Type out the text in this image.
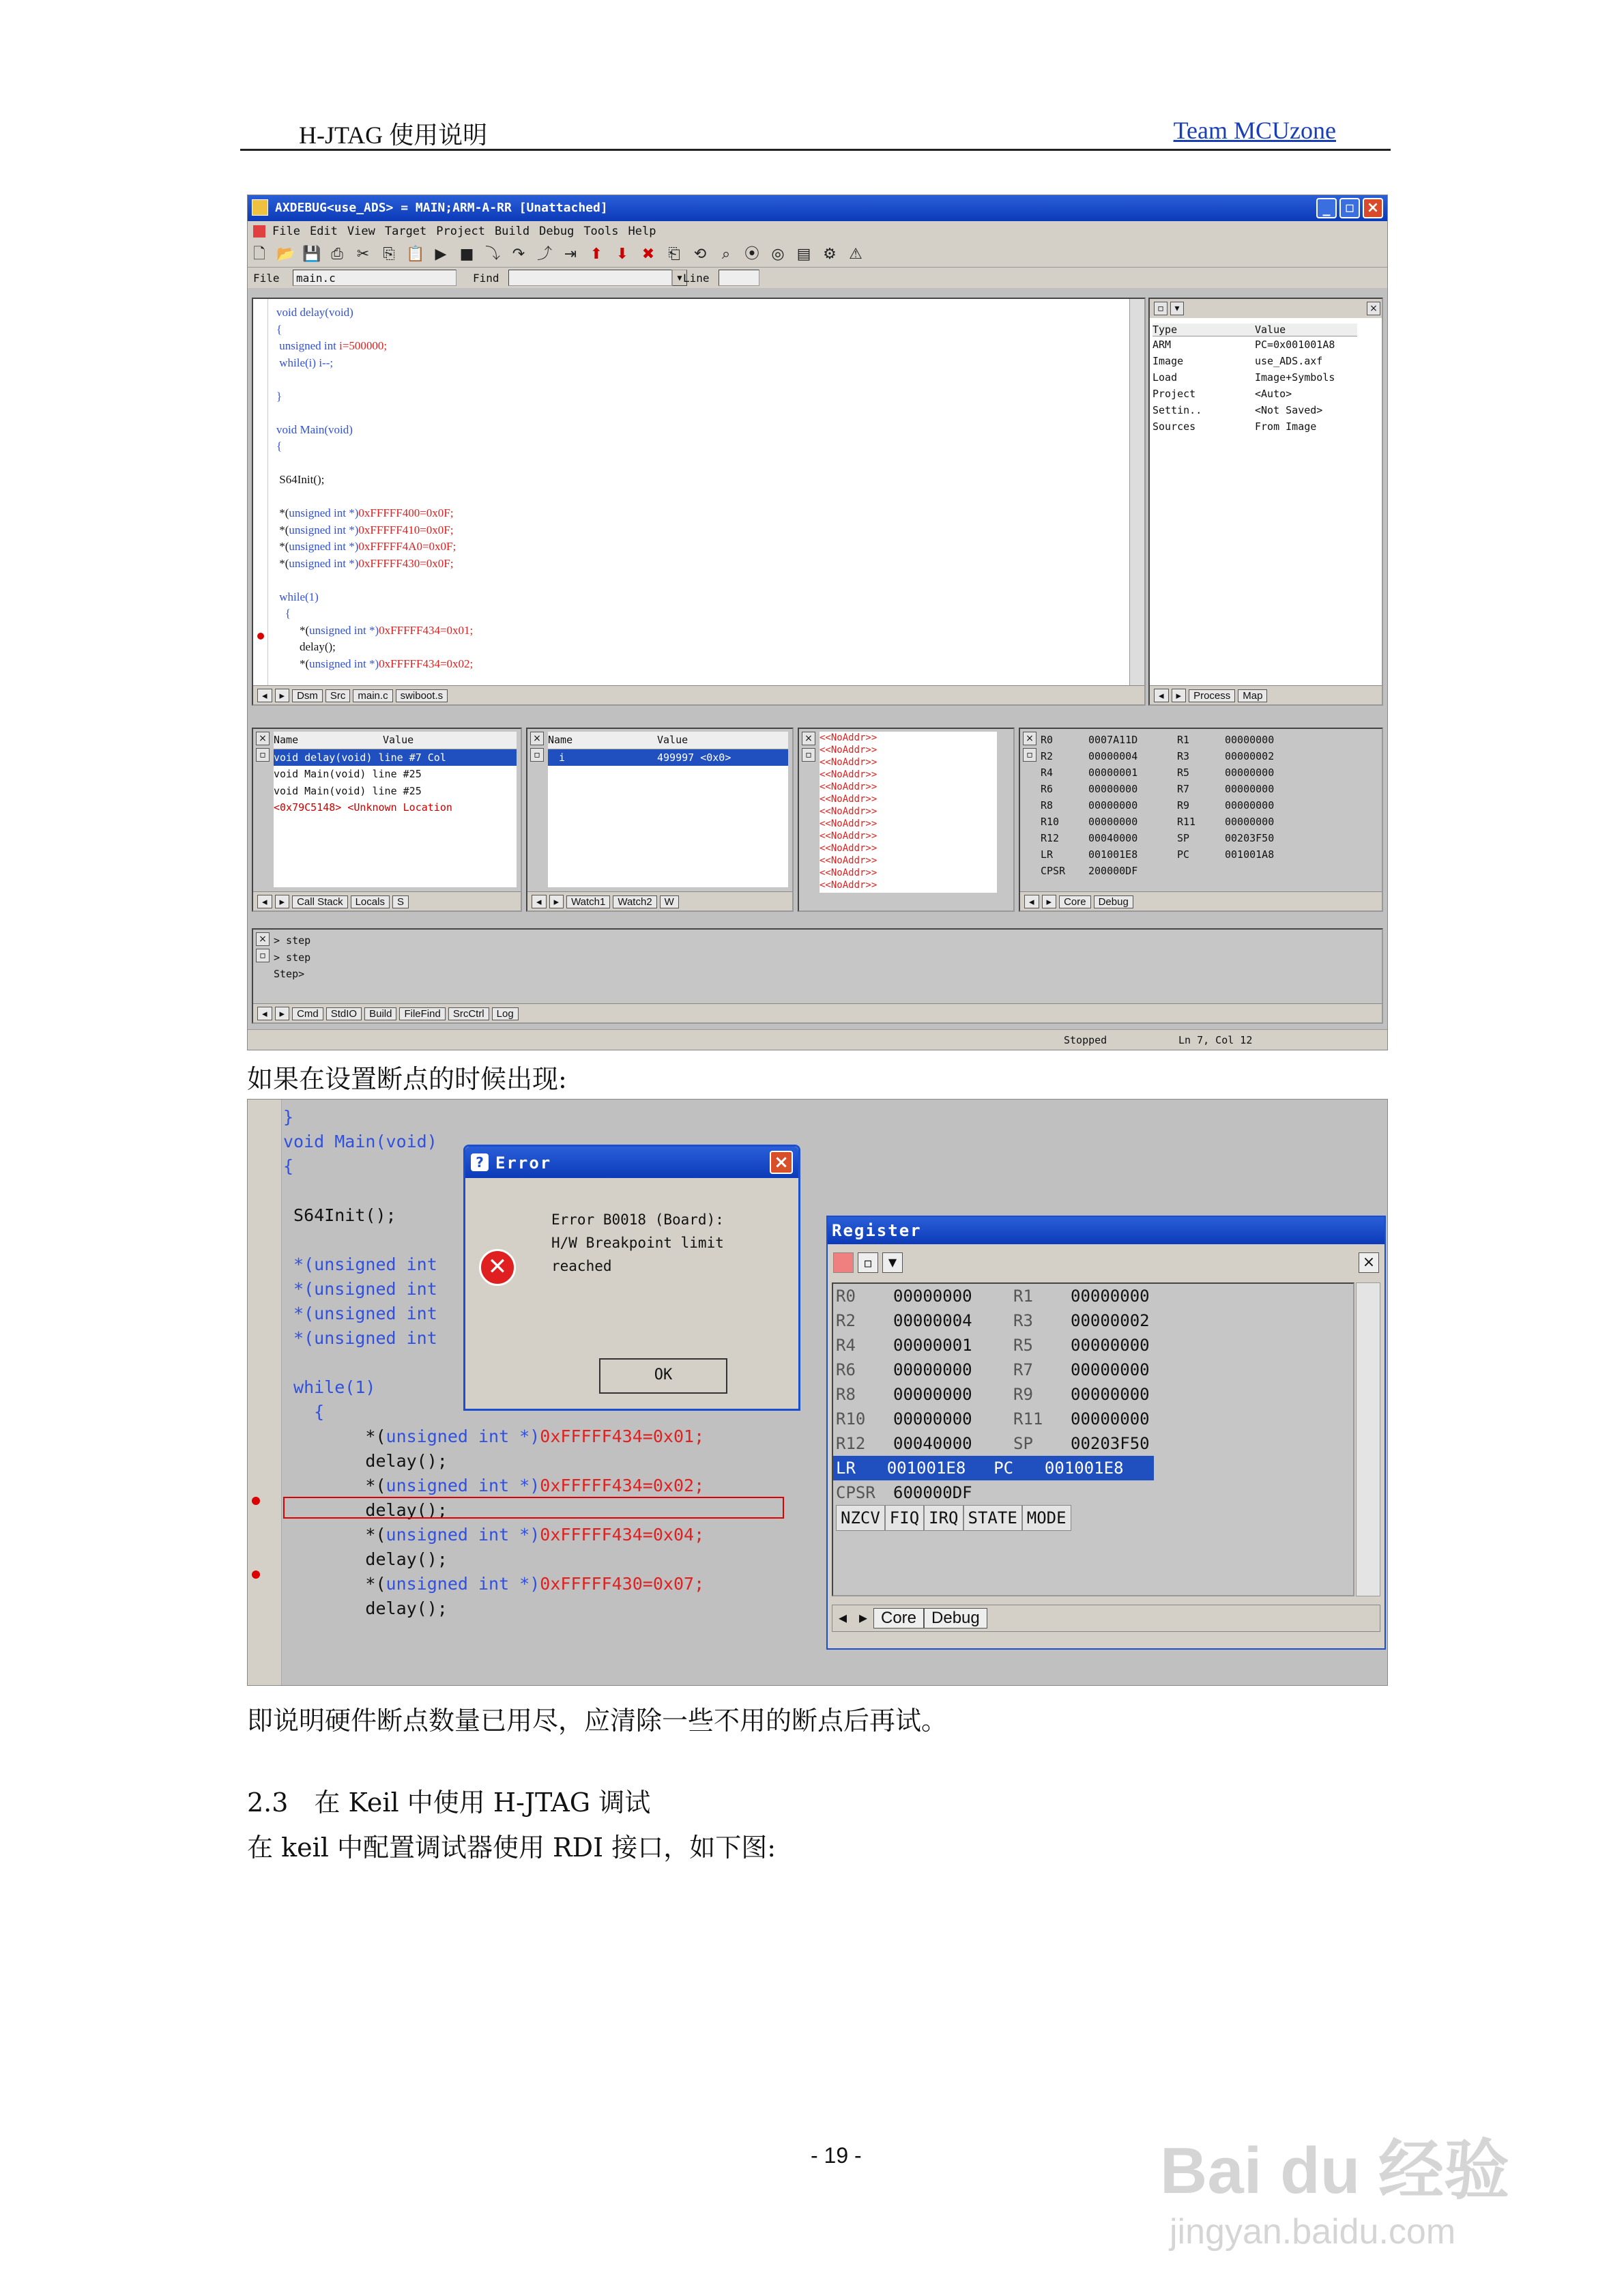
H-JTAG 使用说明	Team MCUzone
AXDEBUG<use_ADS> = MAIN;ARM-A-RR [Unattached]	_ ▫ ×
File Edit View Target Project Build Debug Tools Help
🗋 📂 💾 ⎙ ✂ ⎘ 📋 ▶ ■ ⤵ ↷ ⤴ ⇥ ⬆ ⬇ ✖ ⎗ ⟲ ⌕ ⦿ ◎ ▤ ⚙ ⚠
File	main.c	Find	▼ Line
void delay(void)
{
unsigned int i=500000;
while(i) i--;

}

void Main(void)
{

S64Init();

*(unsigned int *)0xFFFFF400=0x0F;
*(unsigned int *)0xFFFFF410=0x0F;
*(unsigned int *)0xFFFFF4A0=0x0F;
*(unsigned int *)0xFFFFF430=0x0F;

while(1)
{
*(unsigned int *)0xFFFFF434=0x01;
delay();
*(unsigned int *)0xFFFFF434=0x02;
◂ ▸ Dsm Src main.c swiboot.s
▫	▾	×
Type	Value
ARM	PC=0x001001A8
Image	use_ADS.axf
Load	Image+Symbols
Project	<Auto>
Settin..	<Not Saved>
Sources	From Image
◂ ▸ Process Map
×
▫
Name	Value
void delay(void) line #7 Col
void Main(void) line #25
void Main(void) line #25
<0x79C5148> <Unknown Location
◂ ▸ Call Stack Locals S
×
▫
Name	Value
i	499997 <0x0>
◂ ▸ Watch1 Watch2 W
×
▫
<<NoAddr>>
<<NoAddr>>
<<NoAddr>>
<<NoAddr>>
<<NoAddr>>
<<NoAddr>>
<<NoAddr>>
<<NoAddr>>
<<NoAddr>>
<<NoAddr>>
<<NoAddr>>
<<NoAddr>>
<<NoAddr>>
×
▫
R0	0007A11D	R1	00000000
R2	00000004	R3	00000002
R4	00000001	R5	00000000
R6	00000000	R7	00000000
R8	00000000	R9	00000000
R10	00000000	R11	00000000
R12	00040000	SP	00203F50
LR	001001E8	PC	001001A8
CPSR	200000DF
◂ ▸ Core Debug
×
▫
> step
> step
Step>
◂ ▸ Cmd StdIO Build FileFind SrcCtrl Log
Stopped	Ln 7, Col 12
如果在设置断点的时候出现:
}
void Main(void)
{

S64Init();

*(unsigned int
*(unsigned int
*(unsigned int
*(unsigned int

while(1)
{
*(unsigned int *)0xFFFFF434=0x01;
delay();
*(unsigned int *)0xFFFFF434=0x02;
delay();
*(unsigned int *)0xFFFFF434=0x04;
delay();
*(unsigned int *)0xFFFFF430=0x07;
delay();
? Error	×
✕
Error B0018 (Board):
H/W Breakpoint limit
reached
OK
Register
▫	▼	×
R0	00000000	R1	00000000
R2	00000004	R3	00000002
R4	00000001	R5	00000000
R6	00000000	R7	00000000
R8	00000000	R9	00000000
R10	00000000	R11	00000000
R12	00040000	SP	00203F50
LR	001001E8	PC	001001E8
CPSR	600000DF
NZCV FIQ IRQ STATE MODE
◂ ▸ Core Debug
即说明硬件断点数量已用尽，应清除一些不用的断点后再试。
2.3　在 Keil 中使用 H-JTAG 调试
在 keil 中配置调试器使用 RDI 接口，如下图:
- 19 -	Bai du 经验
jingyan.baidu.com
